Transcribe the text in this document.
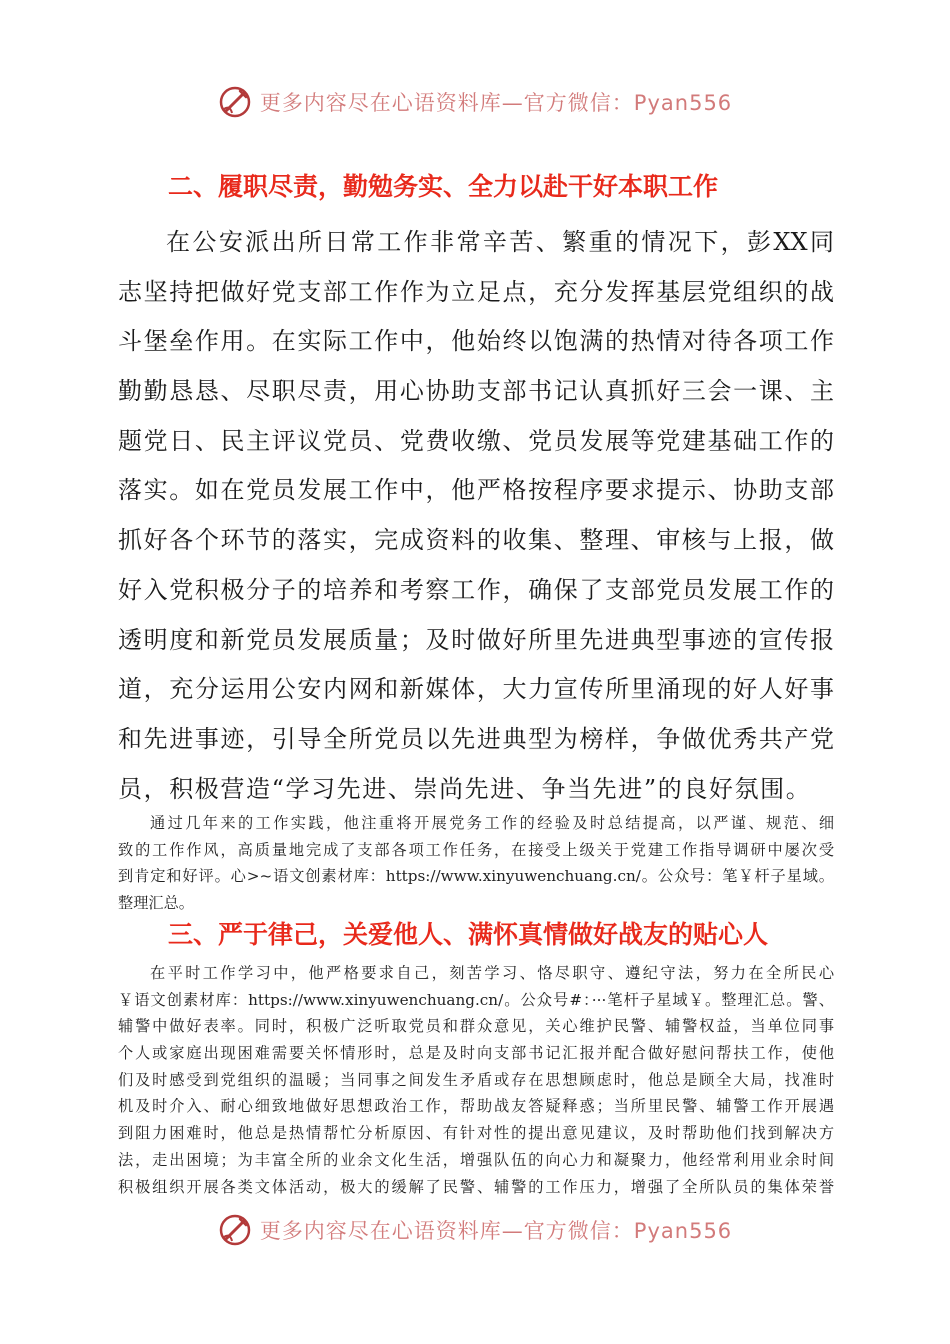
更多内容尽在心语资料库—官方微信：Pyan556
二、履职尽责，勤勉务实、全力以赴干好本职工作
在公安派出所日常工作非常辛苦、繁重的情况下，彭XX同
志坚持把做好党支部工作作为立足点，充分发挥基层党组织的战
斗堡垒作用。在实际工作中，他始终以饱满的热情对待各项工作
勤勤恳恳、尽职尽责，用心协助支部书记认真抓好三会一课、主
题党日、民主评议党员、党费收缴、党员发展等党建基础工作的
落实。如在党员发展工作中，他严格按程序要求提示、协助支部
抓好各个环节的落实，完成资料的收集、整理、审核与上报，做
好入党积极分子的培养和考察工作，确保了支部党员发展工作的
透明度和新党员发展质量；及时做好所里先进典型事迹的宣传报
道，充分运用公安内网和新媒体，大力宣传所里涌现的好人好事
和先进事迹，引导全所党员以先进典型为榜样，争做优秀共产党
员，积极营造“学习先进、崇尚先进、争当先进”的良好氛围。
通过几年来的工作实践，他注重将开展党务工作的经验及时总结提高，以严谨、规范、细
致的工作作风，高质量地完成了支部各项工作任务，在接受上级关于党建工作指导调研中屡次受
到肯定和好评。心>~语文创素材库：https://www.xinyuwenchuang.cn/。公众号：笔￥杆子星域。
整理汇总。
三、严于律己，关爱他人、满怀真情做好战友的贴心人
在平时工作学习中，他严格要求自己，刻苦学习、恪尽职守、遵纪守法，努力在全所民心
￥语文创素材库：https://www.xinyuwenchuang.cn/。公众号#：···笔杆子星域￥。整理汇总。警、
辅警中做好表率。同时，积极广泛听取党员和群众意见，关心维护民警、辅警权益，当单位同事
个人或家庭出现困难需要关怀情形时，总是及时向支部书记汇报并配合做好慰问帮扶工作，使他
们及时感受到党组织的温暖；当同事之间发生矛盾或存在思想顾虑时，他总是顾全大局，找准时
机及时介入、耐心细致地做好思想政治工作，帮助战友答疑释惑；当所里民警、辅警工作开展遇
到阻力困难时，他总是热情帮忙分析原因、有针对性的提出意见建议，及时帮助他们找到解决方
法，走出困境；为丰富全所的业余文化生活，增强队伍的向心力和凝聚力，他经常利用业余时间
积极组织开展各类文体活动，极大的缓解了民警、辅警的工作压力，增强了全所队员的集体荣誉
更多内容尽在心语资料库—官方微信：Pyan556
